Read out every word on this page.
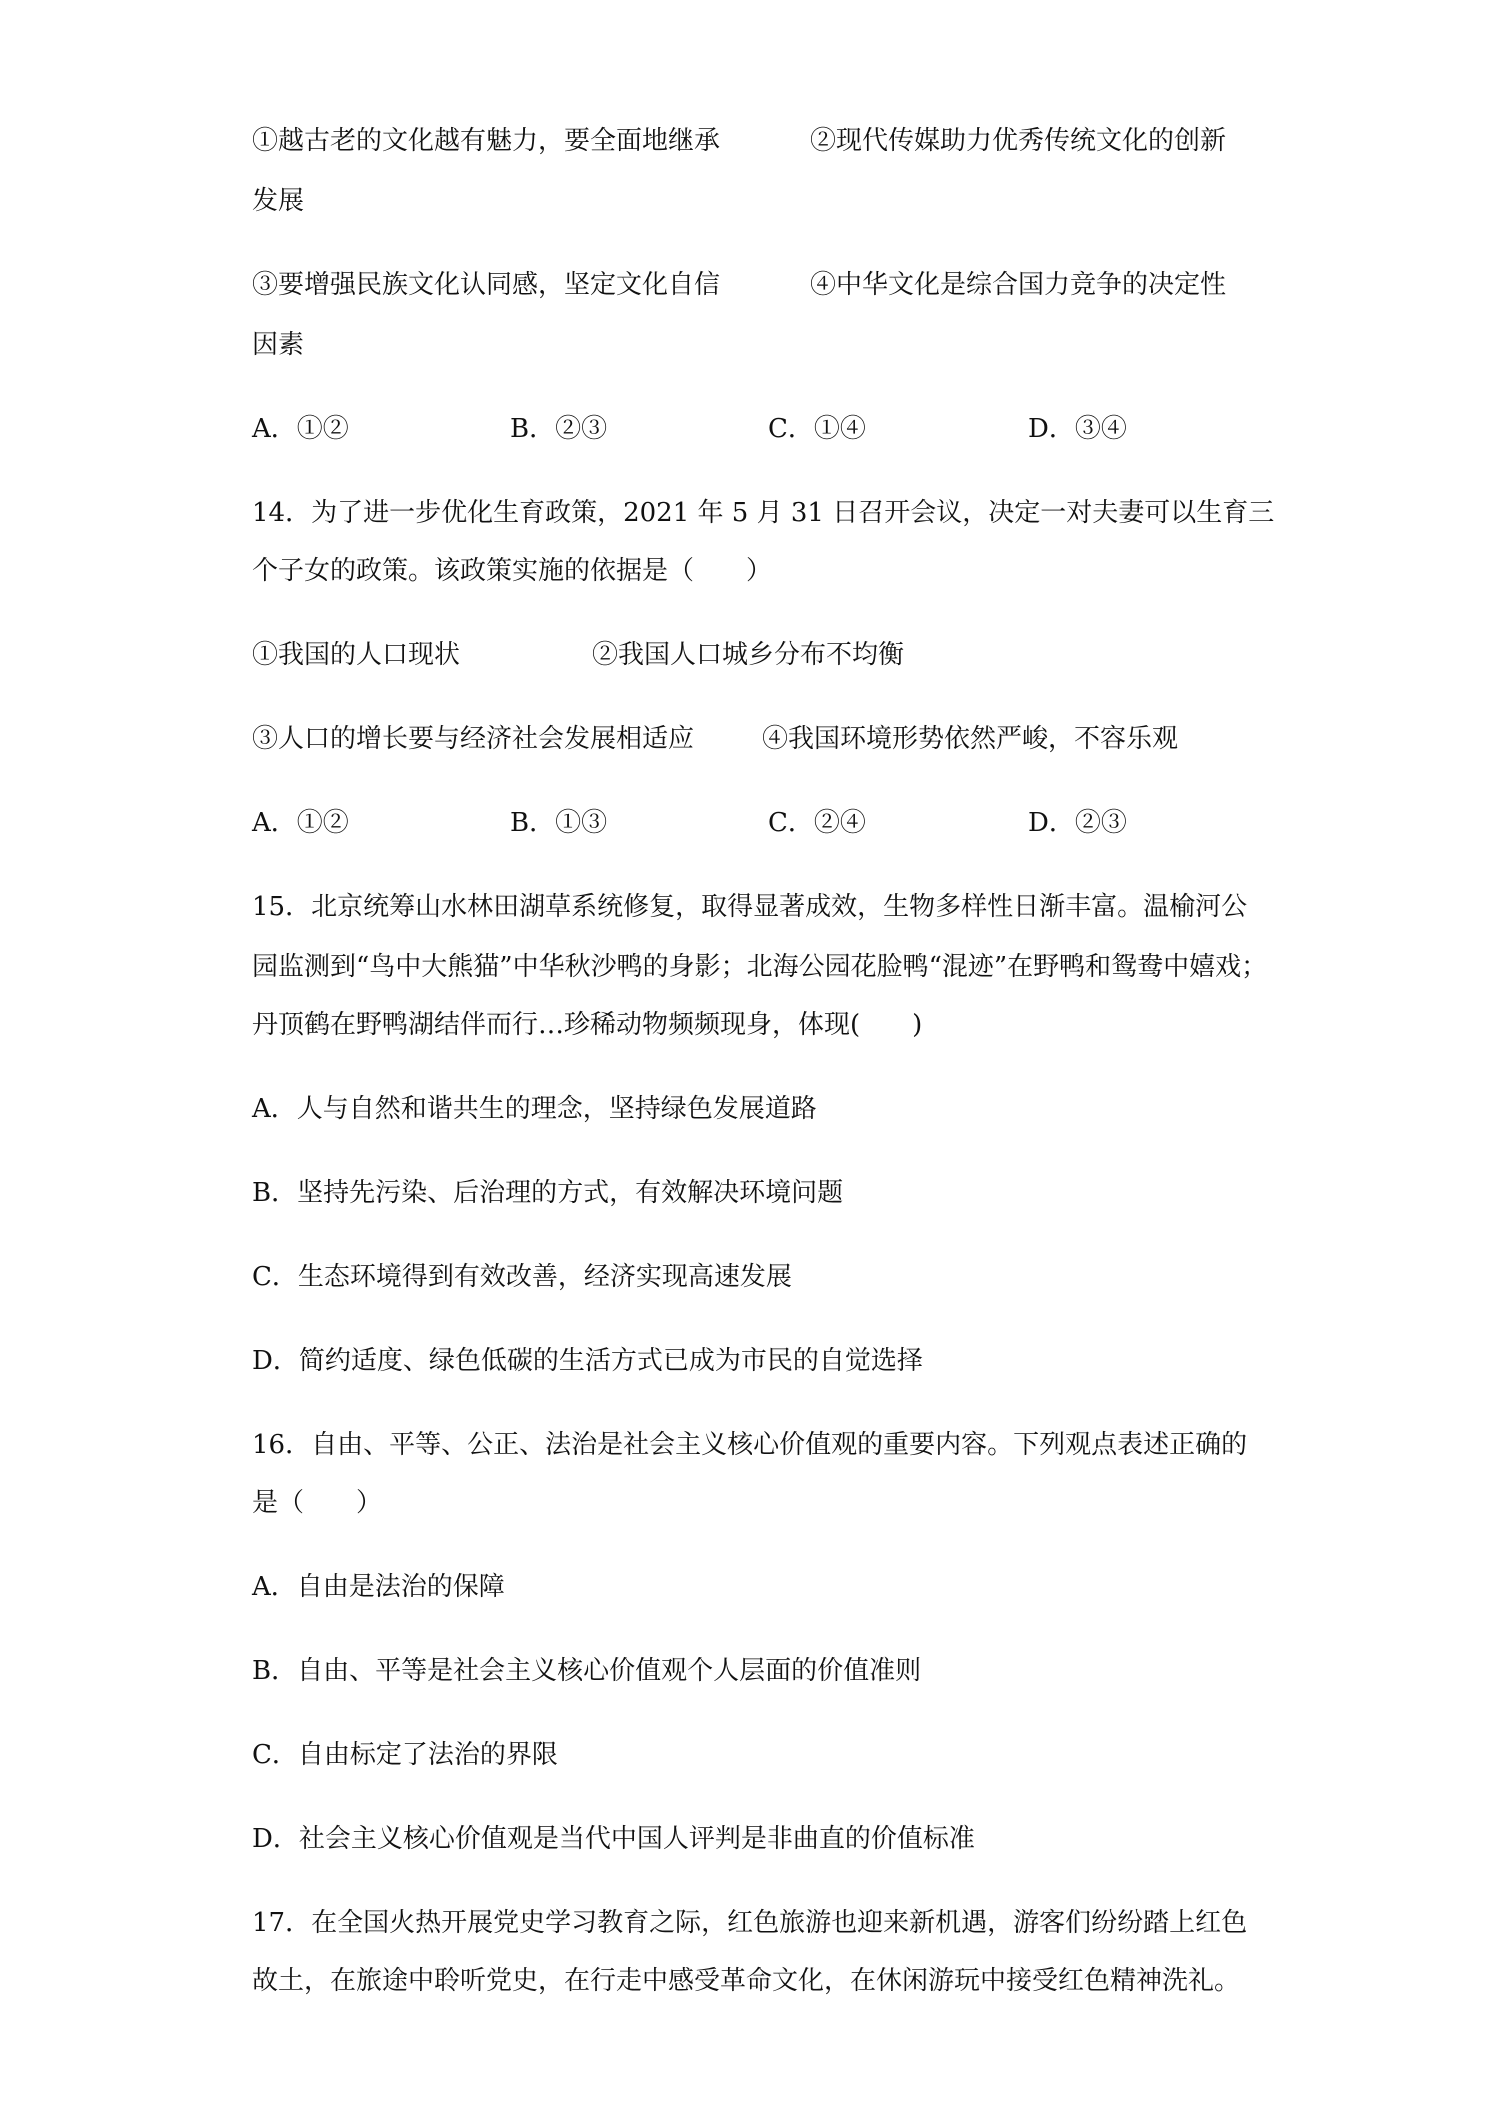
①越古老的文化越有魅力，要全面地继承	②现代传媒助力优秀传统文化的创新
发展
③要增强民族文化认同感，坚定文化自信	④中华文化是综合国力竞争的决定性
因素
A．①②	B．②③	C．①④	D．③④
14．为了进一步优化生育政策，2021 年 5 月 31 日召开会议，决定一对夫妻可以生育三
个子女的政策。该政策实施的依据是（　　）
①我国的人口现状	②我国人口城乡分布不均衡
③人口的增长要与经济社会发展相适应	④我国环境形势依然严峻，不容乐观
A．①②	B．①③	C．②④	D．②③
15．北京统筹山水林田湖草系统修复，取得显著成效，生物多样性日渐丰富。温榆河公
园监测到“鸟中大熊猫”中华秋沙鸭的身影；北海公园花脸鸭“混迹”在野鸭和鸳鸯中嬉戏；
丹顶鹤在野鸭湖结伴而行…珍稀动物频频现身，体现(　　)
A．人与自然和谐共生的理念，坚持绿色发展道路
B．坚持先污染、后治理的方式，有效解决环境问题
C．生态环境得到有效改善，经济实现高速发展
D．简约适度、绿色低碳的生活方式已成为市民的自觉选择
16．自由、平等、公正、法治是社会主义核心价值观的重要内容。下列观点表述正确的
是（　　）
A．自由是法治的保障
B．自由、平等是社会主义核心价值观个人层面的价值准则
C．自由标定了法治的界限
D．社会主义核心价值观是当代中国人评判是非曲直的价值标准
17．在全国火热开展党史学习教育之际，红色旅游也迎来新机遇，游客们纷纷踏上红色
故土，在旅途中聆听党史，在行走中感受革命文化，在休闲游玩中接受红色精神洗礼。
